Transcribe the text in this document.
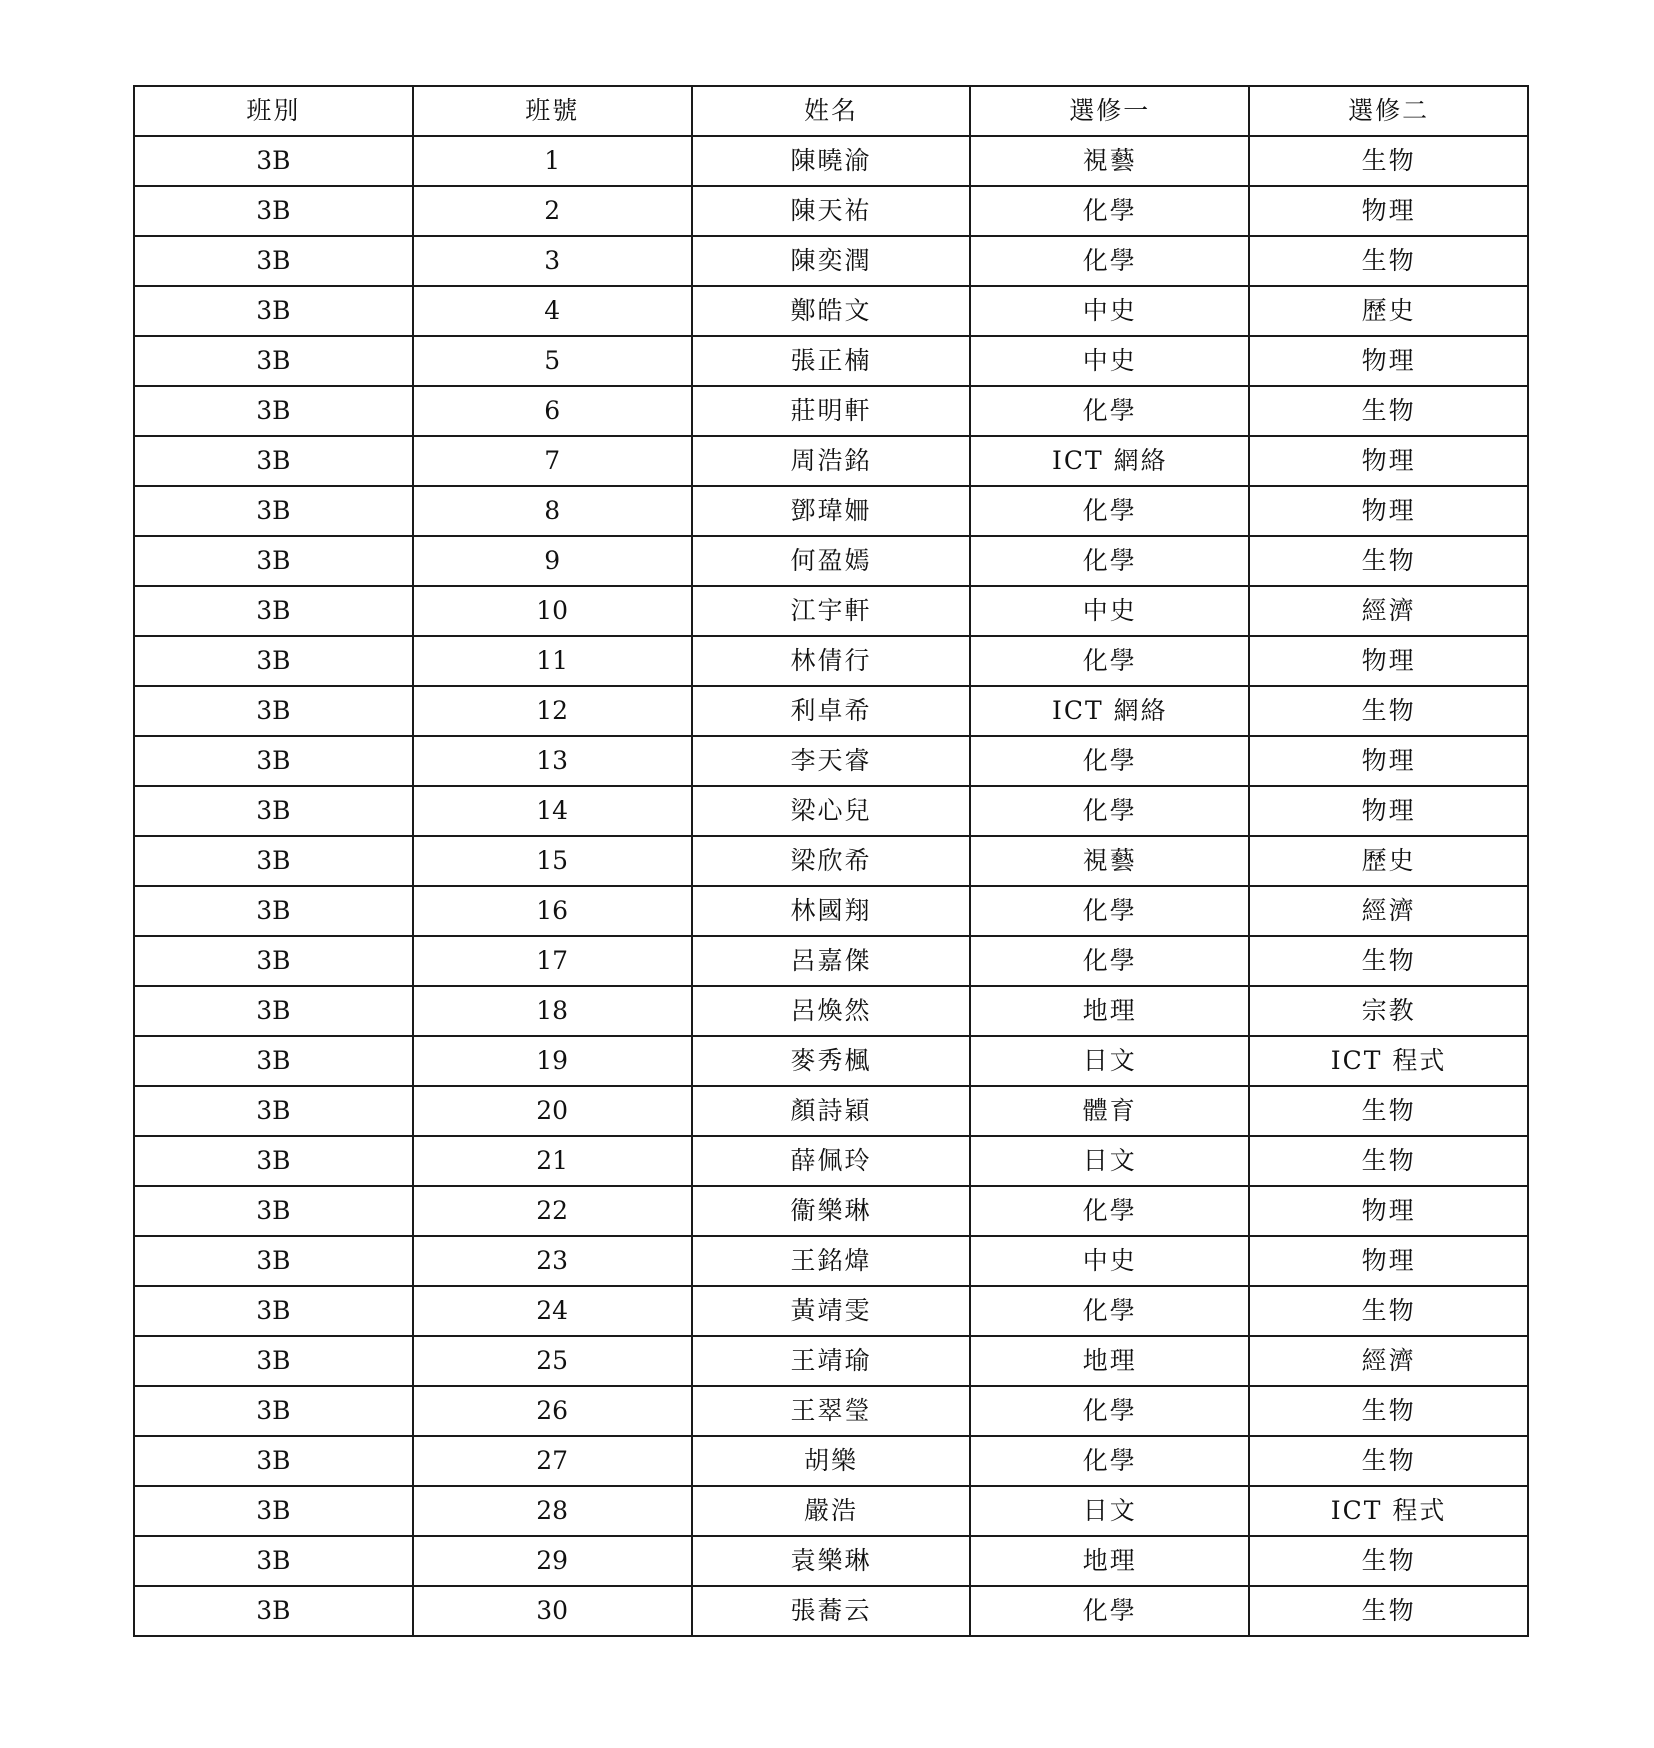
班別	班號	姓名	選修一	選修二
3B	1	陳曉渝	視藝	生物
3B	2	陳天祐	化學	物理
3B	3	陳奕潤	化學	生物
3B	4	鄭皓文	中史	歷史
3B	5	張正楠	中史	物理
3B	6	莊明軒	化學	生物
3B	7	周浩銘	ICT 網絡	物理
3B	8	鄧瑋姍	化學	物理
3B	9	何盈嫣	化學	生物
3B	10	江宇軒	中史	經濟
3B	11	林倩行	化學	物理
3B	12	利卓希	ICT 網絡	生物
3B	13	李天睿	化學	物理
3B	14	梁心兒	化學	物理
3B	15	梁欣希	視藝	歷史
3B	16	林國翔	化學	經濟
3B	17	呂嘉傑	化學	生物
3B	18	呂煥然	地理	宗教
3B	19	麥秀楓	日文	ICT 程式
3B	20	顏詩穎	體育	生物
3B	21	薛佩玲	日文	生物
3B	22	衞樂琳	化學	物理
3B	23	王銘煒	中史	物理
3B	24	黃靖雯	化學	生物
3B	25	王靖瑜	地理	經濟
3B	26	王翠瑩	化學	生物
3B	27	胡樂	化學	生物
3B	28	嚴浩	日文	ICT 程式
3B	29	袁樂琳	地理	生物
3B	30	張蕎云	化學	生物
